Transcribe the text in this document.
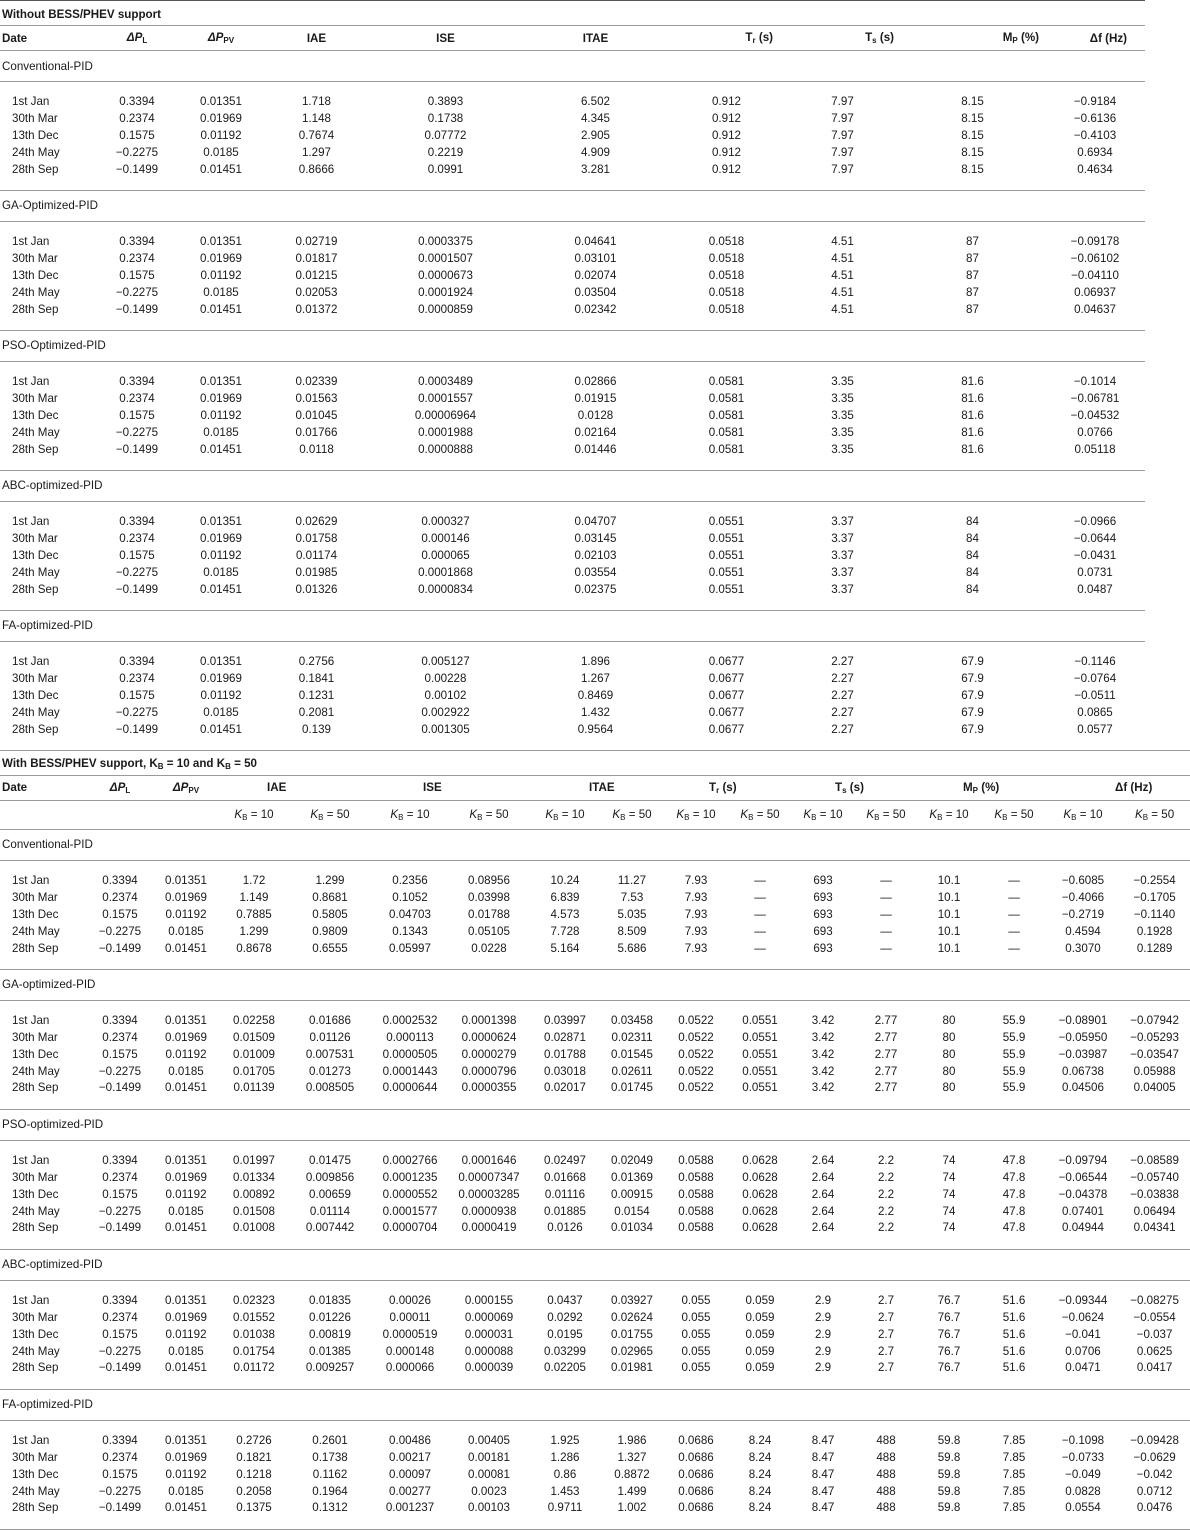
Without BESS/PHEV support									
Date	$\Delta P_L$	$\Delta P_{PV}$	IAE	ISE	ITAE	$T_r$ (s)	$T_s$ (s)	$M_P$ (%)	Δf (Hz)
Conventional-PID									

1st Jan	0.3394	0.01351	1.718	0.3893	6.502	0.912	7.97	8.15	−0.9184
30th Mar	0.2374	0.01969	1.148	0.1738	4.345	0.912	7.97	8.15	−0.6136
13th Dec	0.1575	0.01192	0.7674	0.07772	2.905	0.912	7.97	8.15	−0.4103
24th May	−0.2275	0.0185	1.297	0.2219	4.909	0.912	7.97	8.15	0.6934
28th Sep	−0.1499	0.01451	0.8666	0.0991	3.281	0.912	7.97	8.15	0.4634

GA-Optimized-PID									

1st Jan	0.3394	0.01351	0.02719	0.0003375	0.04641	0.0518	4.51	87	−0.09178
30th Mar	0.2374	0.01969	0.01817	0.0001507	0.03101	0.0518	4.51	87	−0.06102
13th Dec	0.1575	0.01192	0.01215	0.0000673	0.02074	0.0518	4.51	87	−0.04110
24th May	−0.2275	0.0185	0.02053	0.0001924	0.03504	0.0518	4.51	87	0.06937
28th Sep	−0.1499	0.01451	0.01372	0.0000859	0.02342	0.0518	4.51	87	0.04637

PSO-Optimized-PID									

1st Jan	0.3394	0.01351	0.02339	0.0003489	0.02866	0.0581	3.35	81.6	−0.1014
30th Mar	0.2374	0.01969	0.01563	0.0001557	0.01915	0.0581	3.35	81.6	−0.06781
13th Dec	0.1575	0.01192	0.01045	0.00006964	0.0128	0.0581	3.35	81.6	−0.04532
24th May	−0.2275	0.0185	0.01766	0.0001988	0.02164	0.0581	3.35	81.6	0.0766
28th Sep	−0.1499	0.01451	0.0118	0.0000888	0.01446	0.0581	3.35	81.6	0.05118

ABC-optimized-PID									

1st Jan	0.3394	0.01351	0.02629	0.000327	0.04707	0.0551	3.37	84	−0.0966
30th Mar	0.2374	0.01969	0.01758	0.000146	0.03145	0.0551	3.37	84	−0.0644
13th Dec	0.1575	0.01192	0.01174	0.000065	0.02103	0.0551	3.37	84	−0.0431
24th May	−0.2275	0.0185	0.01985	0.0001868	0.03554	0.0551	3.37	84	0.0731
28th Sep	−0.1499	0.01451	0.01326	0.0000834	0.02375	0.0551	3.37	84	0.0487

FA-optimized-PID									

1st Jan	0.3394	0.01351	0.2756	0.005127	1.896	0.0677	2.27	67.9	−0.1146
30th Mar	0.2374	0.01969	0.1841	0.00228	1.267	0.0677	2.27	67.9	−0.0764
13th Dec	0.1575	0.01192	0.1231	0.00102	0.8469	0.0677	2.27	67.9	−0.0511
24th May	−0.2275	0.0185	0.2081	0.002922	1.432	0.0677	2.27	67.9	0.0865
28th Sep	−0.1499	0.01451	0.139	0.001305	0.9564	0.0677	2.27	67.9	0.0577

With BESS/PHEV support, $K_B = 10$ and $K_B = 50$																
Date	$\Delta P_L$	$\Delta P_{PV}$	IAE		ISE		ITAE		$T_r$ (s)		$T_s$ (s)		$M_P$ (%)		Δf (Hz)	
			$K_B = 10$	$K_B = 50$	$K_B = 10$	$K_B = 50$	$K_B = 10$	$K_B = 50$	$K_B = 10$	$K_B = 50$	$K_B = 10$	$K_B = 50$	$K_B = 10$	$K_B = 50$	$K_B = 10$	$K_B = 50$
Conventional-PID																

1st Jan	0.3394	0.01351	1.72	1.299	0.2356	0.08956	10.24	11.27	7.93	—	693	—	10.1	—	−0.6085	−0.2554
30th Mar	0.2374	0.01969	1.149	0.8681	0.1052	0.03998	6.839	7.53	7.93	—	693	—	10.1	—	−0.4066	−0.1705
13th Dec	0.1575	0.01192	0.7885	0.5805	0.04703	0.01788	4.573	5.035	7.93	—	693	—	10.1	—	−0.2719	−0.1140
24th May	−0.2275	0.0185	1.299	0.9809	0.1343	0.05105	7.728	8.509	7.93	—	693	—	10.1	—	0.4594	0.1928
28th Sep	−0.1499	0.01451	0.8678	0.6555	0.05997	0.0228	5.164	5.686	7.93	—	693	—	10.1	—	0.3070	0.1289

GA-optimized-PID																

1st Jan	0.3394	0.01351	0.02258	0.01686	0.0002532	0.0001398	0.03997	0.03458	0.0522	0.0551	3.42	2.77	80	55.9	−0.08901	−0.07942
30th Mar	0.2374	0.01969	0.01509	0.01126	0.000113	0.0000624	0.02871	0.02311	0.0522	0.0551	3.42	2.77	80	55.9	−0.05950	−0.05293
13th Dec	0.1575	0.01192	0.01009	0.007531	0.0000505	0.0000279	0.01788	0.01545	0.0522	0.0551	3.42	2.77	80	55.9	−0.03987	−0.03547
24th May	−0.2275	0.0185	0.01705	0.01273	0.0001443	0.0000796	0.03018	0.02611	0.0522	0.0551	3.42	2.77	80	55.9	0.06738	0.05988
28th Sep	−0.1499	0.01451	0.01139	0.008505	0.0000644	0.0000355	0.02017	0.01745	0.0522	0.0551	3.42	2.77	80	55.9	0.04506	0.04005

PSO-optimized-PID																

1st Jan	0.3394	0.01351	0.01997	0.01475	0.0002766	0.0001646	0.02497	0.02049	0.0588	0.0628	2.64	2.2	74	47.8	−0.09794	−0.08589
30th Mar	0.2374	0.01969	0.01334	0.009856	0.0001235	0.00007347	0.01668	0.01369	0.0588	0.0628	2.64	2.2	74	47.8	−0.06544	−0.05740
13th Dec	0.1575	0.01192	0.00892	0.00659	0.0000552	0.00003285	0.01116	0.00915	0.0588	0.0628	2.64	2.2	74	47.8	−0.04378	−0.03838
24th May	−0.2275	0.0185	0.01508	0.01114	0.0001577	0.0000938	0.01885	0.0154	0.0588	0.0628	2.64	2.2	74	47.8	0.07401	0.06494
28th Sep	−0.1499	0.01451	0.01008	0.007442	0.0000704	0.0000419	0.0126	0.01034	0.0588	0.0628	2.64	2.2	74	47.8	0.04944	0.04341

ABC-optimized-PID																

1st Jan	0.3394	0.01351	0.02323	0.01835	0.00026	0.000155	0.0437	0.03927	0.055	0.059	2.9	2.7	76.7	51.6	−0.09344	−0.08275
30th Mar	0.2374	0.01969	0.01552	0.01226	0.00011	0.000069	0.0292	0.02624	0.055	0.059	2.9	2.7	76.7	51.6	−0.0624	−0.0554
13th Dec	0.1575	0.01192	0.01038	0.00819	0.0000519	0.000031	0.0195	0.01755	0.055	0.059	2.9	2.7	76.7	51.6	−0.041	−0.037
24th May	−0.2275	0.0185	0.01754	0.01385	0.000148	0.000088	0.03299	0.02965	0.055	0.059	2.9	2.7	76.7	51.6	0.0706	0.0625
28th Sep	−0.1499	0.01451	0.01172	0.009257	0.000066	0.000039	0.02205	0.01981	0.055	0.059	2.9	2.7	76.7	51.6	0.0471	0.0417

FA-optimized-PID																

1st Jan	0.3394	0.01351	0.2726	0.2601	0.00486	0.00405	1.925	1.986	0.0686	8.24	8.47	488	59.8	7.85	−0.1098	−0.09428
30th Mar	0.2374	0.01969	0.1821	0.1738	0.00217	0.00181	1.286	1.327	0.0686	8.24	8.47	488	59.8	7.85	−0.0733	−0.0629
13th Dec	0.1575	0.01192	0.1218	0.1162	0.00097	0.00081	0.86	0.8872	0.0686	8.24	8.47	488	59.8	7.85	−0.049	−0.042
24th May	−0.2275	0.0185	0.2058	0.1964	0.00277	0.0023	1.453	1.499	0.0686	8.24	8.47	488	59.8	7.85	0.0828	0.0712
28th Sep	−0.1499	0.01451	0.1375	0.1312	0.001237	0.00103	0.9711	1.002	0.0686	8.24	8.47	488	59.8	7.85	0.0554	0.0476
